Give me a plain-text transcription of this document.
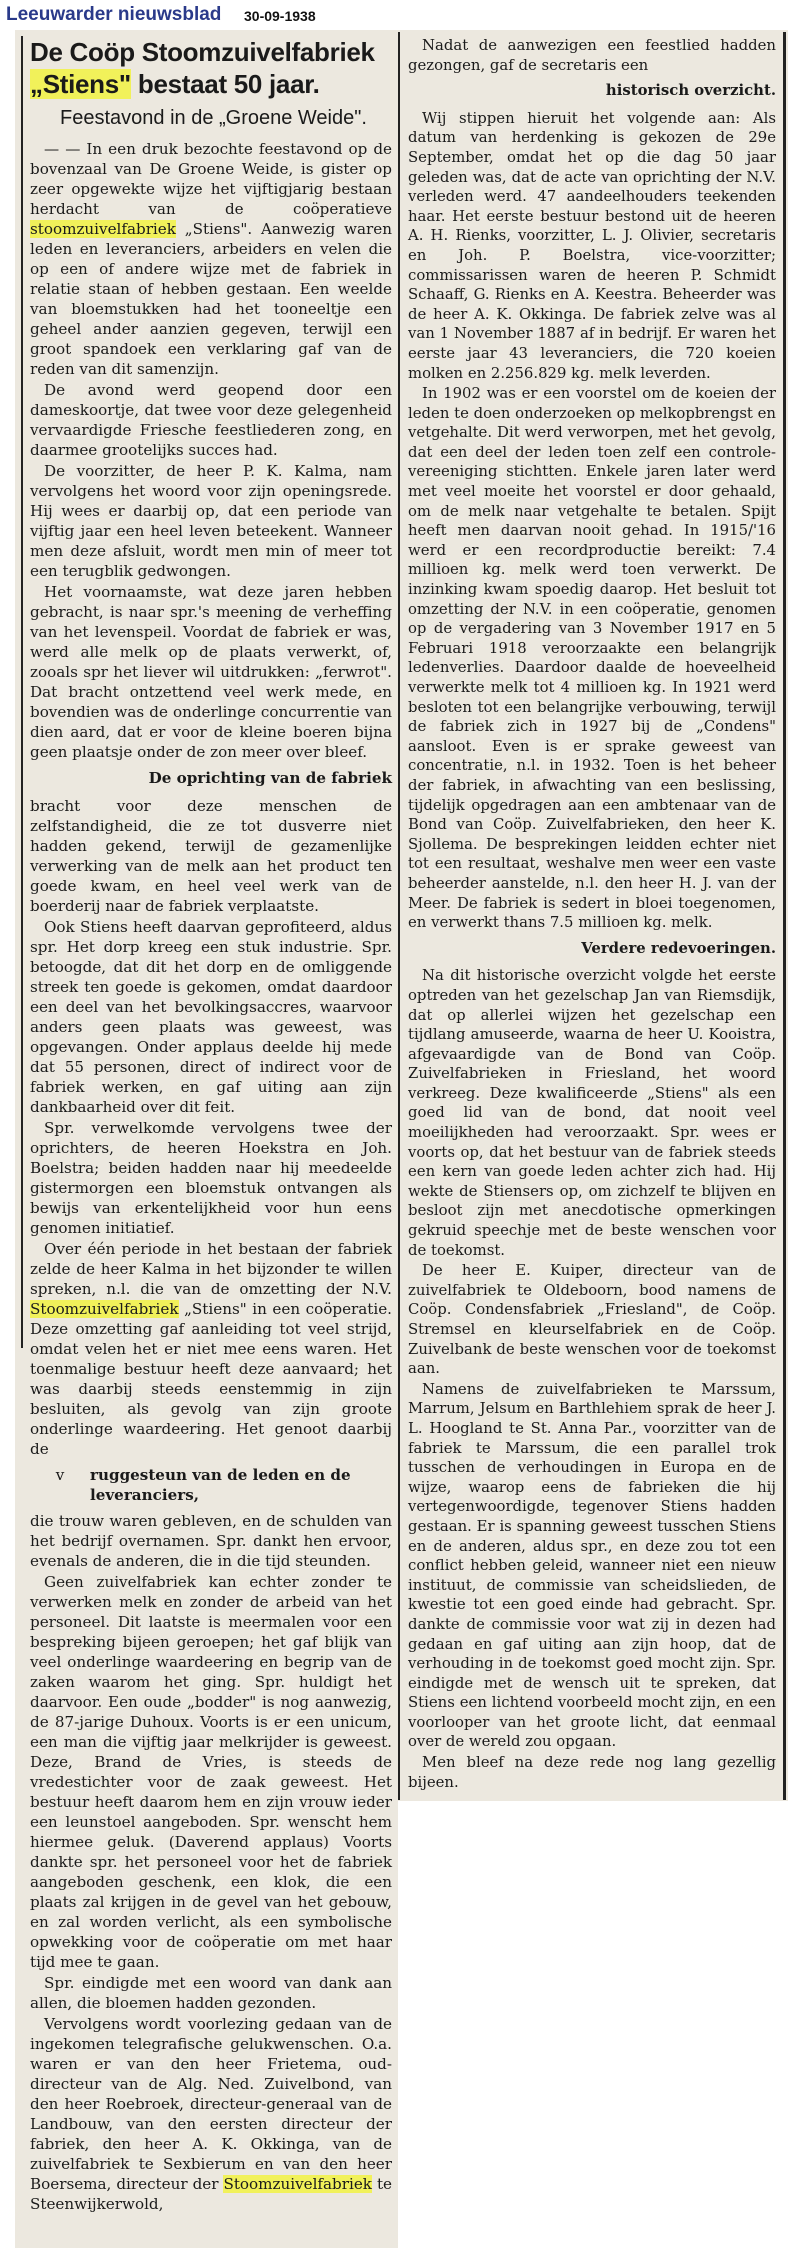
Leeuwarder nieuwsblad 30-09-1938
De Coöp Stoomzuivelfabriek „Stiens" bestaat 50 jaar.
Feestavond in de „Groene Weide".

— — In een druk bezochte feestavond op de bovenzaal van De Groene Weide, is gister op zeer opgewekte wijze het vijftigjarig bestaan herdacht van de coöperatieve stoomzuivelfabriek „Stiens". Aanwezig waren leden en leveranciers, arbeiders en velen die op een of andere wijze met de fabriek in relatie staan of hebben gestaan. Een weelde van bloemstukken had het tooneeltje een geheel ander aanzien gegeven, terwijl een groot spandoek een verklaring gaf van de reden van dit samenzijn.

De avond werd geopend door een dameskoortje, dat twee voor deze gelegenheid vervaardigde Friesche feestliederen zong, en daarmee grootelijks succes had.

De voorzitter, de heer P. K. Kalma, nam vervolgens het woord voor zijn openingsrede. Hij wees er daarbij op, dat een periode van vijftig jaar een heel leven beteekent. Wanneer men deze afsluit, wordt men min of meer tot een terugblik gedwongen.

Het voornaamste, wat deze jaren hebben gebracht, is naar spr.'s meening de verheffing van het levenspeil. Voordat de fabriek er was, werd alle melk op de plaats verwerkt, of, zooals spr het liever wil uitdrukken: „ferwrot". Dat bracht ontzettend veel werk mede, en bovendien was de onderlinge concurrentie van dien aard, dat er voor de kleine boeren bijna geen plaatsje onder de zon meer over bleef.

De oprichting van de fabriek

bracht voor deze menschen de zelfstandigheid, die ze tot dusverre niet hadden gekend, terwijl de gezamenlijke verwerking van de melk aan het product ten goede kwam, en heel veel werk van de boerderij naar de fabriek verplaatste.

Ook Stiens heeft daarvan geprofiteerd, aldus spr. Het dorp kreeg een stuk industrie. Spr. betoogde, dat dit het dorp en de omliggende streek ten goede is gekomen, omdat daardoor een deel van het bevolkingsaccres, waarvoor anders geen plaats was geweest, was opgevangen. Onder applaus deelde hij mede dat 55 personen, direct of indirect voor de fabriek werken, en gaf uiting aan zijn dankbaarheid over dit feit.

Spr. verwelkomde vervolgens twee der oprichters, de heeren Hoekstra en Joh. Boelstra; beiden hadden naar hij meedeelde gistermorgen een bloemstuk ontvangen als bewijs van erkentelijkheid voor hun eens genomen initiatief.

Over één periode in het bestaan der fabriek zelde de heer Kalma in het bijzonder te willen spreken, n.l. die van de omzetting der N.V. Stoomzuivelfabriek „Stiens" in een coöperatie. Deze omzetting gaf aanleiding tot veel strijd, omdat velen het er niet mee eens waren. Het toenmalige bestuur heeft deze aanvaard; het was daarbij steeds eenstemmig in zijn besluiten, als gevolg van zijn groote onderlinge waardeering. Het genoot daarbij de

v	ruggesteun van de leden en de leveranciers,

die trouw waren gebleven, en de schulden van het bedrijf overnamen. Spr. dankt hen ervoor, evenals de anderen, die in die tijd steunden.

Geen zuivelfabriek kan echter zonder te verwerken melk en zonder de arbeid van het personeel. Dit laatste is meermalen voor een bespreking bijeen geroepen; het gaf blijk van veel onderlinge waardeering en begrip van de zaken waarom het ging. Spr. huldigt het daarvoor. Een oude „bodder" is nog aanwezig, de 87-jarige Duhoux. Voorts is er een unicum, een man die vijftig jaar melkrijder is geweest. Deze, Brand de Vries, is steeds de vredestichter voor de zaak geweest. Het bestuur heeft daarom hem en zijn vrouw ieder een leunstoel aangeboden. Spr. wenscht hem hiermee geluk. (Daverend applaus) Voorts dankte spr. het personeel voor het de fabriek aangeboden geschenk, een klok, die een plaats zal krijgen in de gevel van het gebouw, en zal worden verlicht, als een symbolische opwekking voor de coöperatie om met haar tijd mee te gaan.

Spr. eindigde met een woord van dank aan allen, die bloemen hadden gezonden.

Vervolgens wordt voorlezing gedaan van de ingekomen telegrafische gelukwenschen. O.a. waren er van den heer Frietema, oud-directeur van de Alg. Ned. Zuivelbond, van den heer Roebroek, directeur-generaal van de Landbouw, van den eersten directeur der fabriek, den heer A. K. Okkinga, van de zuivelfabriek te Sexbierum en van den heer Boersema, directeur der Stoomzuivelfabriek te Steenwijkerwold,

Nadat de aanwezigen een feestlied hadden gezongen, gaf de secretaris een

historisch overzicht.

Wij stippen hieruit het volgende aan: Als datum van herdenking is gekozen de 29e September, omdat het op die dag 50 jaar geleden was, dat de acte van oprichting der N.V. verleden werd. 47 aandeelhouders teekenden haar. Het eerste bestuur bestond uit de heeren A. H. Rienks, voorzitter, L. J. Olivier, secretaris en Joh. P. Boelstra, vice-voorzitter; commissarissen waren de heeren P. Schmidt Schaaff, G. Rienks en A. Keestra. Beheerder was de heer A. K. Okkinga. De fabriek zelve was al van 1 November 1887 af in bedrijf. Er waren het eerste jaar 43 leveranciers, die 720 koeien molken en 2.256.829 kg. melk leverden.

In 1902 was er een voorstel om de koeien der leden te doen onderzoeken op melkopbrengst en vetgehalte. Dit werd verworpen, met het gevolg, dat een deel der leden toen zelf een controle-vereeniging stichtten. Enkele jaren later werd met veel moeite het voorstel er door gehaald, om de melk naar vetgehalte te betalen. Spijt heeft men daarvan nooit gehad. In 1915/'16 werd er een recordproductie bereikt: 7.4 millioen kg. melk werd toen verwerkt. De inzinking kwam spoedig daarop. Het besluit tot omzetting der N.V. in een coöperatie, genomen op de vergadering van 3 November 1917 en 5 Februari 1918 veroorzaakte een belangrijk ledenverlies. Daardoor daalde de hoeveelheid verwerkte melk tot 4 millioen kg. In 1921 werd besloten tot een belangrijke verbouwing, terwijl de fabriek zich in 1927 bij de „Condens" aansloot. Even is er sprake geweest van concentratie, n.l. in 1932. Toen is het beheer der fabriek, in afwachting van een beslissing, tijdelijk opgedragen aan een ambtenaar van de Bond van Coöp. Zuivelfabrieken, den heer K. Sjollema. De besprekingen leidden echter niet tot een resultaat, weshalve men weer een vaste beheerder aanstelde, n.l. den heer H. J. van der Meer. De fabriek is sedert in bloei toegenomen, en verwerkt thans 7.5 millioen kg. melk.

Verdere redevoeringen.

Na dit historische overzicht volgde het eerste optreden van het gezelschap Jan van Riemsdijk, dat op allerlei wijzen het gezelschap een tijdlang amuseerde, waarna de heer U. Kooistra, afgevaardigde van de Bond van Coöp. Zuivelfabrieken in Friesland, het woord verkreeg. Deze kwalificeerde „Stiens" als een goed lid van de bond, dat nooit veel moeilijkheden had veroorzaakt. Spr. wees er voorts op, dat het bestuur van de fabriek steeds een kern van goede leden achter zich had. Hij wekte de Stiensers op, om zichzelf te blijven en besloot zijn met anecdotische opmerkingen gekruid speechje met de beste wenschen voor de toekomst.

De heer E. Kuiper, directeur van de zuivelfabriek te Oldeboorn, bood namens de Coöp. Condensfabriek „Friesland", de Coöp. Stremsel en kleurselfabriek en de Coöp. Zuivelbank de beste wenschen voor de toekomst aan.

Namens de zuivelfabrieken te Marssum, Marrum, Jelsum en Barthlehiem sprak de heer J. L. Hoogland te St. Anna Par., voorzitter van de fabriek te Marssum, die een parallel trok tusschen de verhoudingen in Europa en de wijze, waarop eens de fabrieken die hij vertegenwoordigde, tegenover Stiens hadden gestaan. Er is spanning geweest tusschen Stiens en de anderen, aldus spr., en deze zou tot een conflict hebben geleid, wanneer niet een nieuw instituut, de commissie van scheidslieden, de kwestie tot een goed einde had gebracht. Spr. dankte de commissie voor wat zij in dezen had gedaan en gaf uiting aan zijn hoop, dat de verhouding in de toekomst goed mocht zijn. Spr. eindigde met de wensch uit te spreken, dat Stiens een lichtend voorbeeld mocht zijn, en een voorlooper van het groote licht, dat eenmaal over de wereld zou opgaan.

Men bleef na deze rede nog lang gezellig bijeen.
